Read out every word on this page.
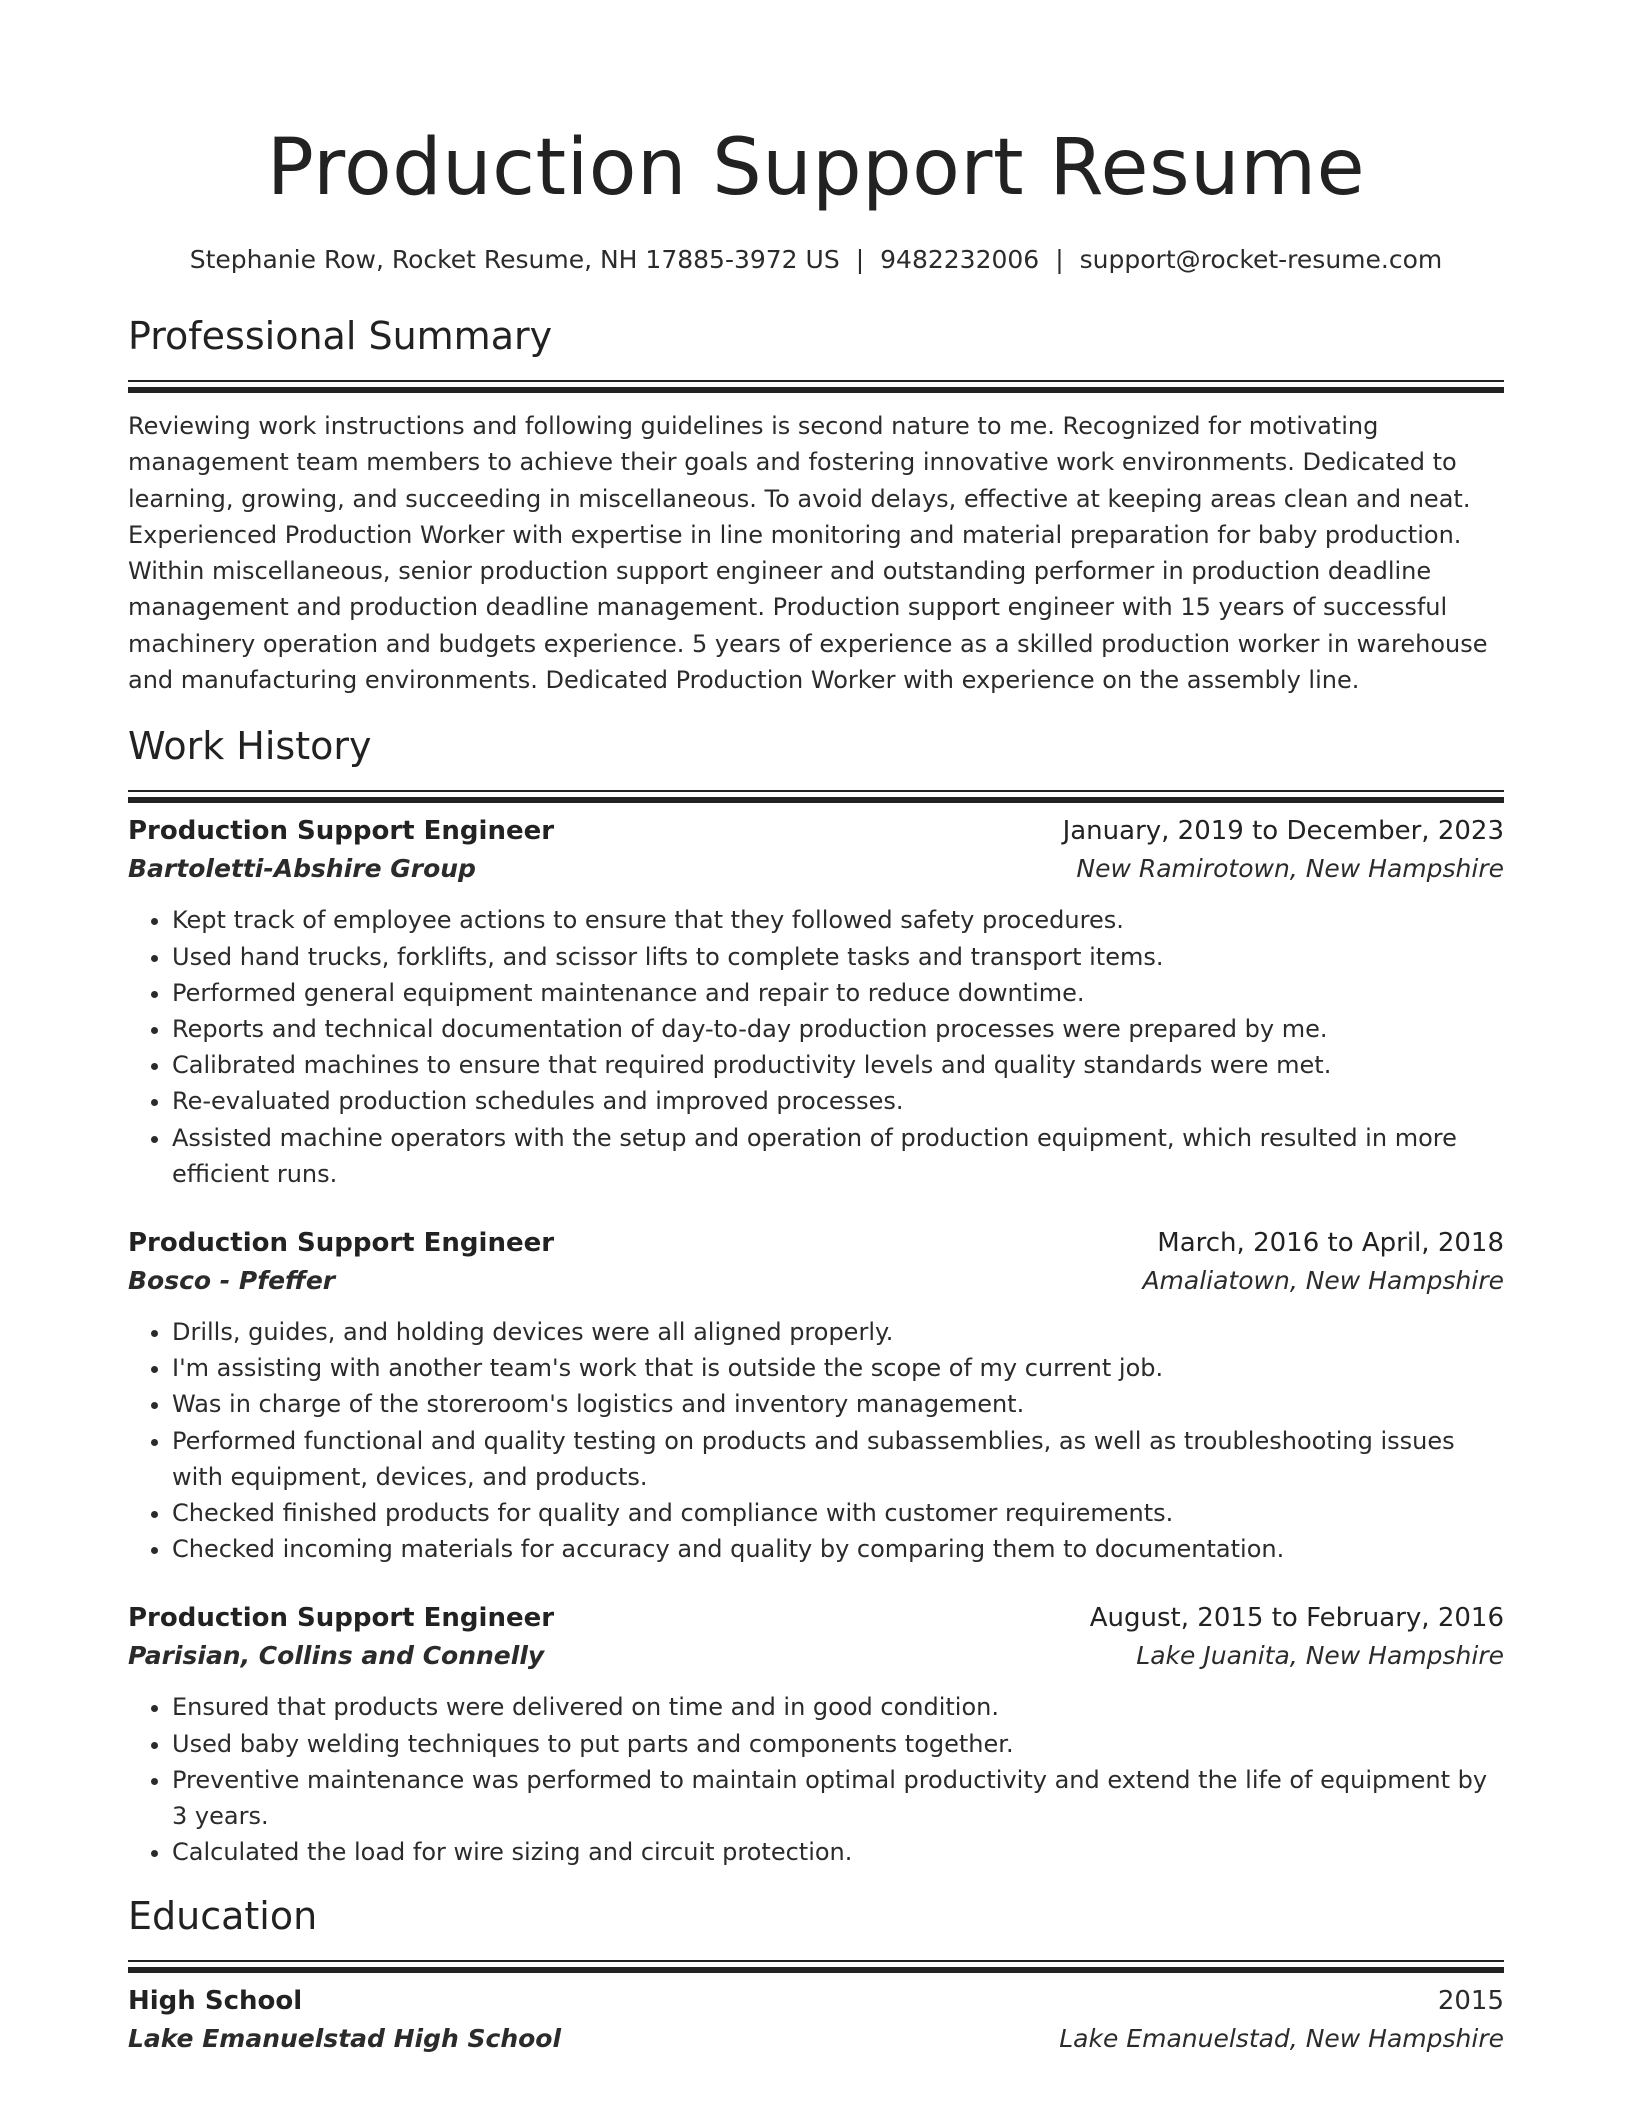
Production Support Resume
Stephanie Row, Rocket Resume, NH 17885-3972 US | 9482232006 | support@rocket-resume.com
Professional Summary
Reviewing work instructions and following guidelines is second nature to me. Recognized for motivating management team members to achieve their goals and fostering innovative work environments. Dedicated to learning, growing, and succeeding in miscellaneous. To avoid delays, effective at keeping areas clean and neat. Experienced Production Worker with expertise in line monitoring and material preparation for baby production. Within miscellaneous, senior production support engineer and outstanding performer in production deadline management and production deadline management. Production support engineer with 15 years of successful machinery operation and budgets experience. 5 years of experience as a skilled production worker in warehouse and manufacturing environments. Dedicated Production Worker with experience on the assembly line.
Work History
Production Support Engineer	January, 2019 to December, 2023
Bartoletti-Abshire Group	New Ramirotown, New Hampshire
• Kept track of employee actions to ensure that they followed safety procedures.
• Used hand trucks, forklifts, and scissor lifts to complete tasks and transport items.
• Performed general equipment maintenance and repair to reduce downtime.
• Reports and technical documentation of day-to-day production processes were prepared by me.
• Calibrated machines to ensure that required productivity levels and quality standards were met.
• Re-evaluated production schedules and improved processes.
• Assisted machine operators with the setup and operation of production equipment, which resulted in more efficient runs.
Production Support Engineer	March, 2016 to April, 2018
Bosco - Pfeffer	Amaliatown, New Hampshire
• Drills, guides, and holding devices were all aligned properly.
• I'm assisting with another team's work that is outside the scope of my current job.
• Was in charge of the storeroom's logistics and inventory management.
• Performed functional and quality testing on products and subassemblies, as well as troubleshooting issues with equipment, devices, and products.
• Checked finished products for quality and compliance with customer requirements.
• Checked incoming materials for accuracy and quality by comparing them to documentation.
Production Support Engineer	August, 2015 to February, 2016
Parisian, Collins and Connelly	Lake Juanita, New Hampshire
• Ensured that products were delivered on time and in good condition.
• Used baby welding techniques to put parts and components together.
• Preventive maintenance was performed to maintain optimal productivity and extend the life of equipment by 3 years.
• Calculated the load for wire sizing and circuit protection.
Education
High School	2015
Lake Emanuelstad High School	Lake Emanuelstad, New Hampshire
